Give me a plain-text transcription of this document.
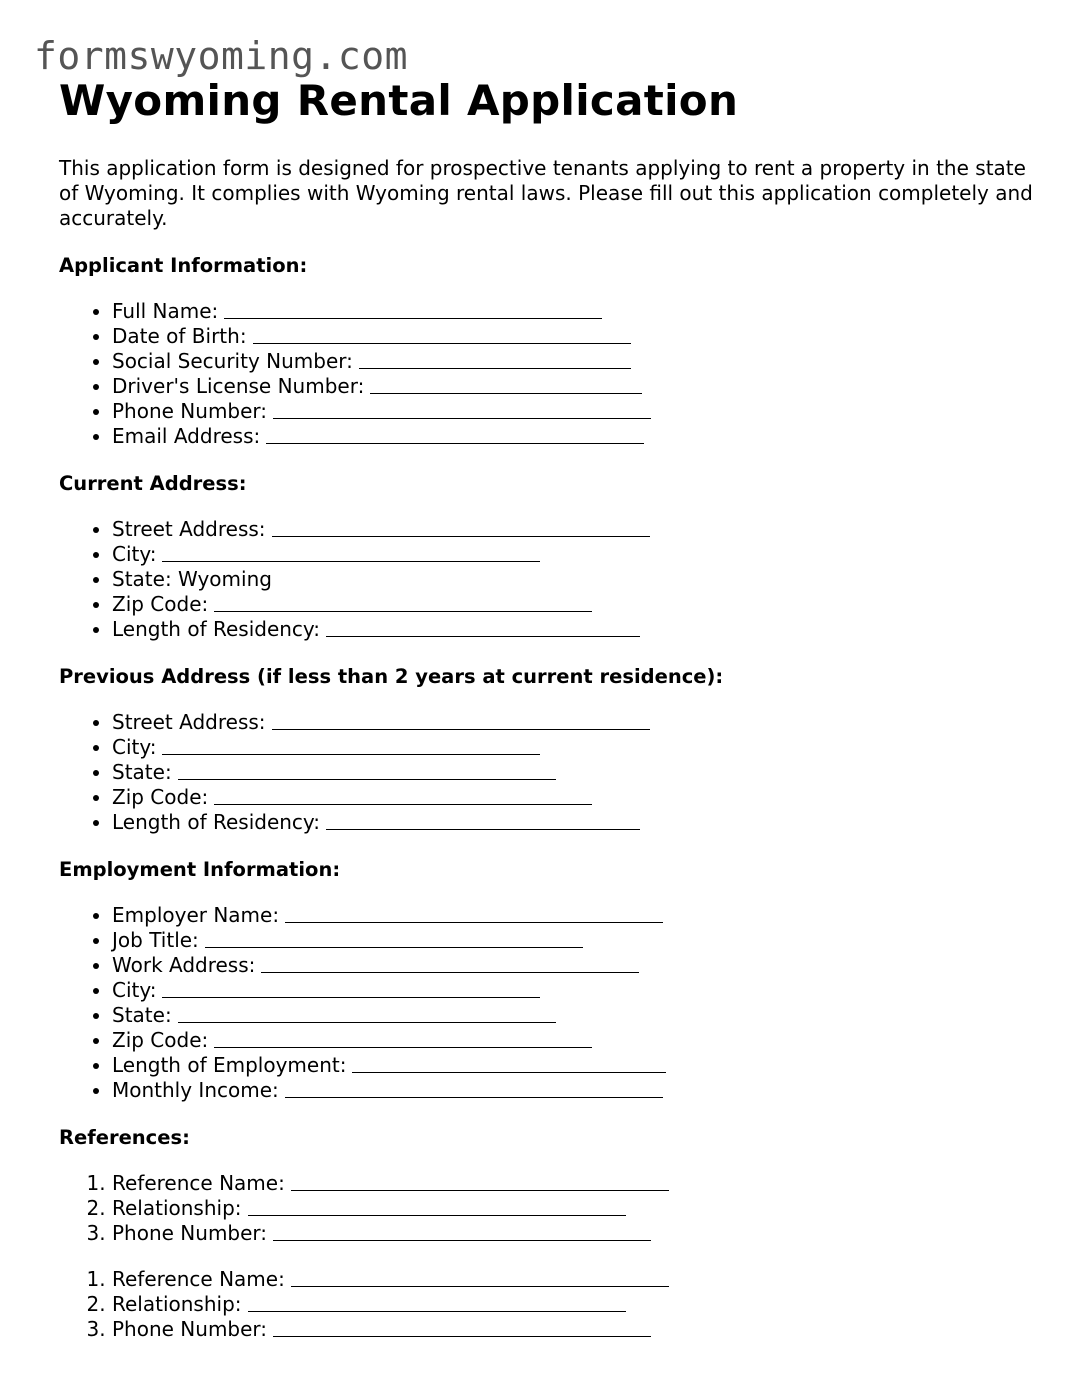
formswyoming.com
Wyoming Rental Application

This application form is designed for prospective tenants applying to rent a property in the state of Wyoming. It complies with Wyoming rental laws. Please fill out this application completely and accurately.

Applicant Information:
• Full Name:
• Date of Birth:
• Social Security Number:
• Driver's License Number:
• Phone Number:
• Email Address:
Current Address:
• Street Address:
• City:
• State: Wyoming
• Zip Code:
• Length of Residency:
Previous Address (if less than 2 years at current residence):
• Street Address:
• City:
• State:
• Zip Code:
• Length of Residency:
Employment Information:
• Employer Name:
• Job Title:
• Work Address:
• City:
• State:
• Zip Code:
• Length of Employment:
• Monthly Income:
References:
1. Reference Name:
2. Relationship:
3. Phone Number:
1. Reference Name:
2. Relationship:
3. Phone Number:
